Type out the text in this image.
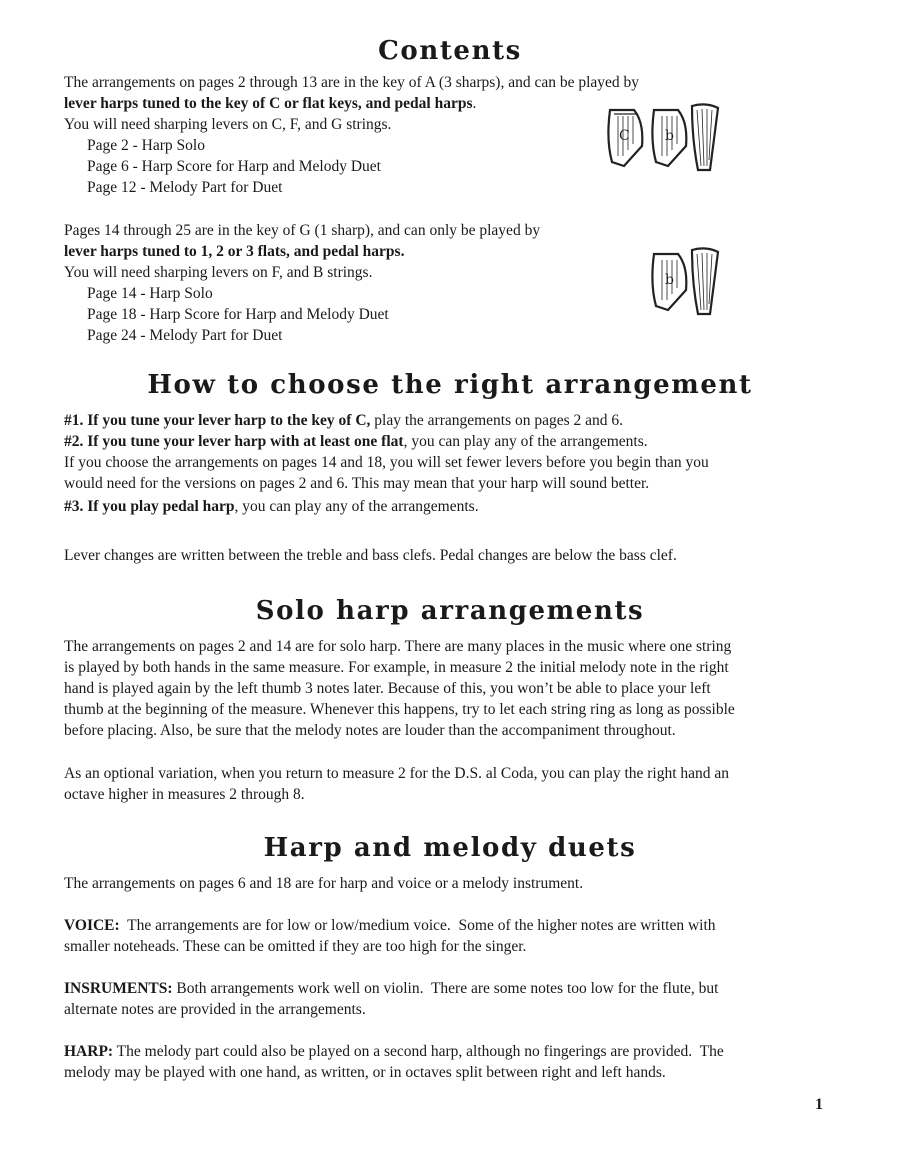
Contents
The arrangements on pages 2 through 13 are in the key of A (3 sharps), and can be played by
lever harps tuned to the key of C or flat keys, and pedal harps.
You will need sharping levers on C, F, and G strings.
Page 2 - Harp Solo
Page 6 - Harp Score for Harp and Melody Duet
Page 12 - Melody Part for Duet
C	b
Pages 14 through 25 are in the key of G (1 sharp), and can only be played by
lever harps tuned to 1, 2 or 3 flats, and pedal harps.
You will need sharping levers on F, and B strings.
Page 14 - Harp Solo
Page 18 - Harp Score for Harp and Melody Duet
Page 24 - Melody Part for Duet
b
How to choose the right arrangement
#1. If you tune your lever harp to the key of C, play the arrangements on pages 2 and 6.
#2. If you tune your lever harp with at least one flat, you can play any of the arrangements.
If you choose the arrangements on pages 14 and 18, you will set fewer levers before you begin than you
would need for the versions on pages 2 and 6. This may mean that your harp will sound better.
#3. If you play pedal harp, you can play any of the arrangements.
Lever changes are written between the treble and bass clefs. Pedal changes are below the bass clef.
Solo harp arrangements
The arrangements on pages 2 and 14 are for solo harp. There are many places in the music where one string
is played by both hands in the same measure. For example, in measure 2 the initial melody note in the right
hand is played again by the left thumb 3 notes later. Because of this, you won’t be able to place your left
thumb at the beginning of the measure. Whenever this happens, try to let each string ring as long as possible
before placing. Also, be sure that the melody notes are louder than the accompaniment throughout.
As an optional variation, when you return to measure 2 for the D.S. al Coda, you can play the right hand an
octave higher in measures 2 through 8.
Harp and melody duets
The arrangements on pages 6 and 18 are for harp and voice or a melody instrument.
VOICE:  The arrangements are for low or low/medium voice.  Some of the higher notes are written with
smaller noteheads. These can be omitted if they are too high for the singer.
INSRUMENTS: Both arrangements work well on violin.  There are some notes too low for the flute, but
alternate notes are provided in the arrangements.
HARP: The melody part could also be played on a second harp, although no fingerings are provided.  The
melody may be played with one hand, as written, or in octaves split between right and left hands.
1
